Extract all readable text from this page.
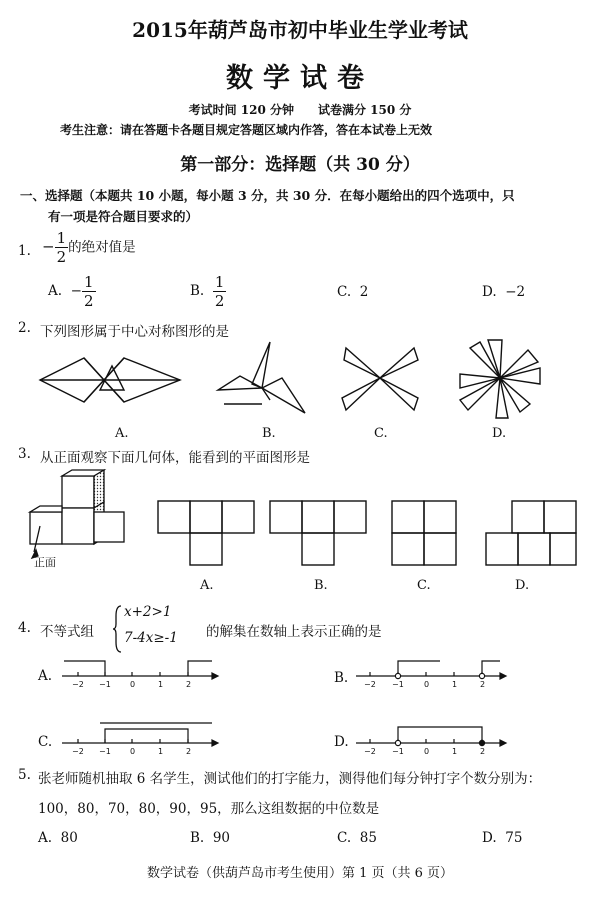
2015年葫芦岛市初中毕业生学业考试
数学试卷
考试时间 120 分钟　　试卷满分 150 分
考生注意：请在答题卡各题目规定答题区域内作答，答在本试卷上无效
第一部分：选择题（共 30 分）
一、选择题（本题共 10 小题，每小题 3 分，共 30 分．在每小题给出的四个选项中，只
有一项是符合题目要求的）
1. − $\frac{1}{2}$ 的绝对值是
A. − $\frac{1}{2}$	B. $\frac{1}{2}$	C. 2	D. −2
2. 下列图形属于中心对称图形的是
A.	B.	C.	D.
3. 从正面观察下面几何体，能看到的平面图形是
正面
A.	B.	C.	D.
4. 不等式组
x+2>1
7-4x≥-1 的解集在数轴上表示正确的是
A.	B.
C.	D.
−2 −1 0	1	2	−2 −1	0	1	2
−2 −1 0	1	2	−2 −1	0	1	2
5. 张老师随机抽取 6 名学生，测试他们的打字能力，测得他们每分钟打字个数分别为：
100，80，70，80，90，95，那么这组数据的中位数是
A. 80	B. 90	C. 85	D. 75
数学试卷（供葫芦岛市考生使用）第 1 页（共 6 页）
